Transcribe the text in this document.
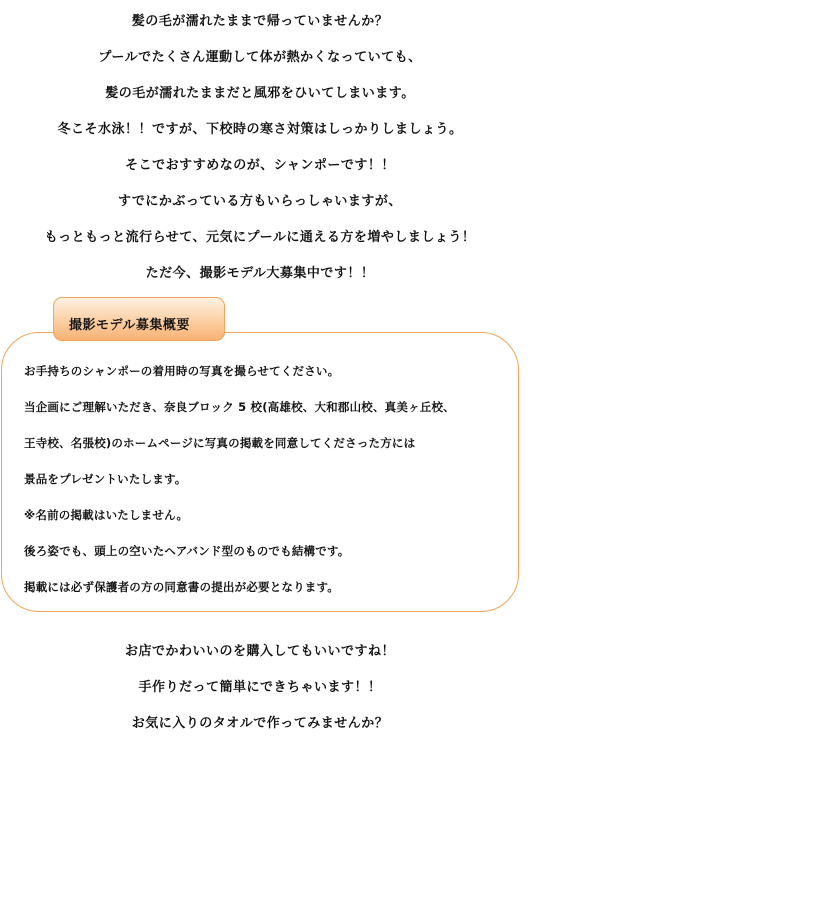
髪の毛が濡れたままで帰っていませんか？
プールでたくさん運動して体が熱かくなっていても、
髪の毛が濡れたままだと風邪をひいてしまいます。
冬こそ水泳！！ですが、下校時の寒さ対策はしっかりしましょう。
そこでおすすめなのが、シャンポーです！！
すでにかぶっている方もいらっしゃいますが、
もっともっと流行らせて、元気にプールに通える方を増やしましょう！
ただ今、撮影モデル大募集中です！！
撮影モデル募集概要
お手持ちのシャンポーの着用時の写真を撮らせてください。
当企画にご理解いただき、奈良ブロック 5 校(高雄校、大和郡山校、真美ヶ丘校、
王寺校、名張校)のホームページに写真の掲載を同意してくださった方には
景品をプレゼントいたします。
※名前の掲載はいたしません。
後ろ姿でも、頭上の空いたヘアバンド型のものでも結構です。
掲載には必ず保護者の方の同意書の提出が必要となります。
お店でかわいいのを購入してもいいですね！
手作りだって簡単にできちゃいます！！
お気に入りのタオルで作ってみませんか？
